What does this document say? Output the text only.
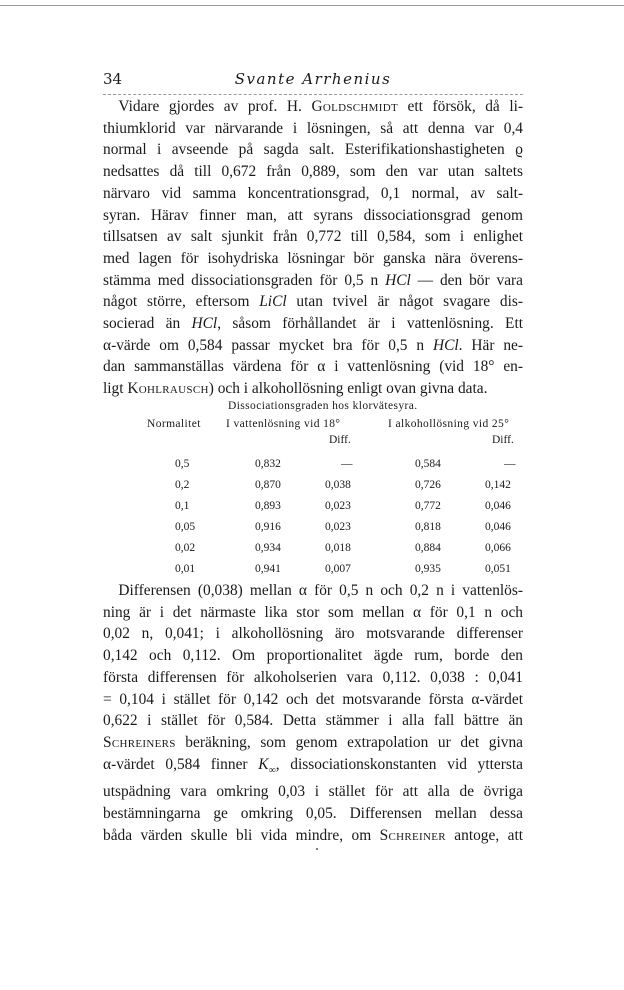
34	Svante Arrhenius
 Vidare gjordes av prof. H. Goldschmidt ett försök, då li-
thiumklorid var närvarande i lösningen, så att denna var 0,4
normal i avseende på sagda salt. Esterifikationshastigheten ϱ
nedsattes då till 0,672 från 0,889, som den var utan saltets
närvaro vid samma koncentrationsgrad, 0,1 normal, av salt-
syran. Härav finner man, att syrans dissociationsgrad genom
tillsatsen av salt sjunkit från 0,772 till 0,584, som i enlighet
med lagen för isohydriska lösningar bör ganska nära överens-
stämma med dissociationsgraden för 0,5 n HCl — den bör vara
något större, eftersom LiCl utan tvivel är något svagare dis-
socierad än HCl, såsom förhållandet är i vattenlösning. Ett
α-värde om 0,584 passar mycket bra för 0,5 n HCl. Här ne-
dan sammanställas värdena för α i vattenlösning (vid 18° en-
ligt Kohlrausch) och i alkohollösning enligt ovan givna data.
Dissociationsgraden hos klorvätesyra.
Normalitet I vattenlösning vid 18°	I alkohollösning vid 25°
Diff.	Diff.
0,5	0,832	—	0,584	—
0,2	0,870	0,038	0,726	0,142
0,1	0,893	0,023	0,772	0,046
0,05	0,916	0,023	0,818	0,046
0,02	0,934	0,018	0,884	0,066
0,01	0,941	0,007	0,935	0,051
 Differensen (0,038) mellan α för 0,5 n och 0,2 n i vattenlös-
ning är i det närmaste lika stor som mellan α för 0,1 n och
0,02 n, 0,041; i alkohollösning äro motsvarande differenser
0,142 och 0,112. Om proportionalitet ägde rum, borde den
första differensen för alkoholserien vara 0,112. 0,038 : 0,041
= 0,104 i stället för 0,142 och det motsvarande första α-värdet
0,622 i stället för 0,584. Detta stämmer i alla fall bättre än
Schreiners beräkning, som genom extrapolation ur det givna
α-värdet 0,584 finner $K_\infty$, dissociationskonstanten vid yttersta
utspädning vara omkring 0,03 i stället för att alla de övriga
bestämningarna ge omkring 0,05. Differensen mellan dessa
båda värden skulle bli vida mindre, om Schreiner antoge, att
